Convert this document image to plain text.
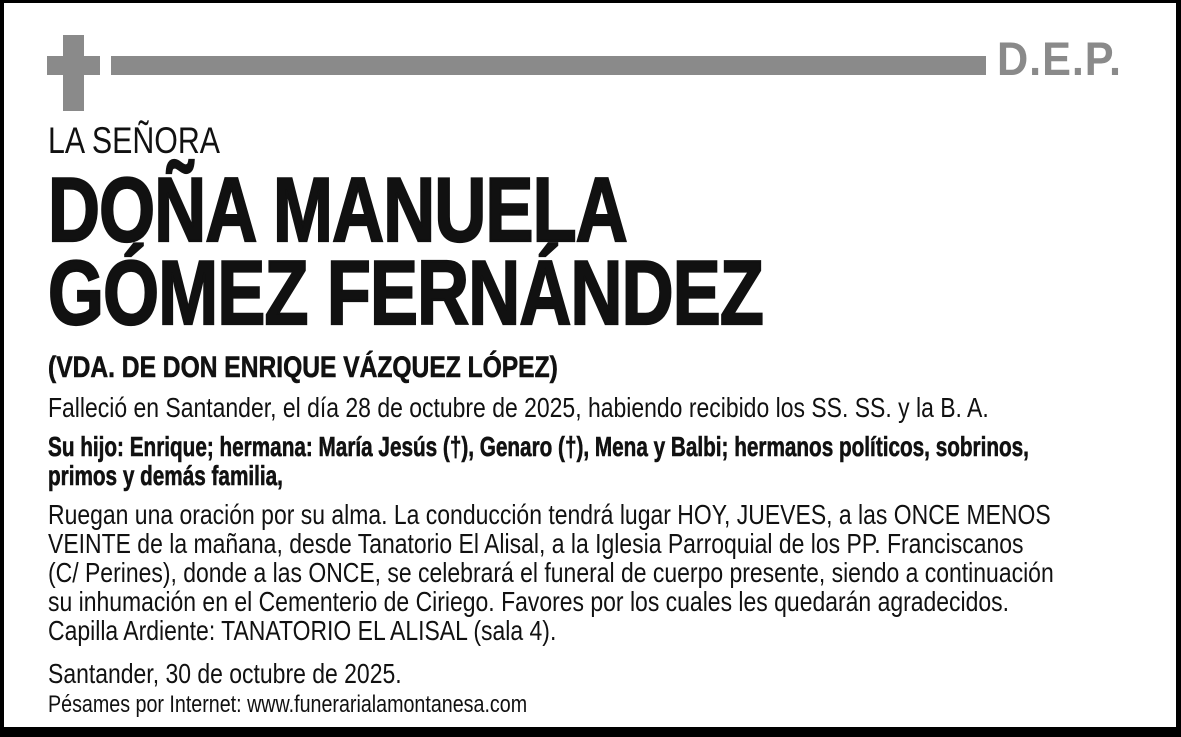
D.E.P.
LA SEÑORA
DOÑA MANUELA
GÓMEZ FERNÁNDEZ
(VDA. DE DON ENRIQUE VÁZQUEZ LÓPEZ)
Falleció en Santander, el día 28 de octubre de 2025, habiendo recibido los SS. SS. y la B. A.
Su hijo: Enrique; hermana: María Jesús (†), Genaro (†), Mena y Balbi; hermanos políticos, sobrinos,
primos y demás familia,
Ruegan una oración por su alma. La conducción tendrá lugar HOY, JUEVES, a las ONCE MENOS
VEINTE de la mañana, desde Tanatorio El Alisal, a la Iglesia Parroquial de los PP. Franciscanos
(C/ Perines), donde a las ONCE, se celebrará el funeral de cuerpo presente, siendo a continuación
su inhumación en el Cementerio de Ciriego. Favores por los cuales les quedarán agradecidos.
Capilla Ardiente: TANATORIO EL ALISAL (sala 4).
Santander, 30 de octubre de 2025.
Pésames por Internet: www.funerarialamontanesa.com
